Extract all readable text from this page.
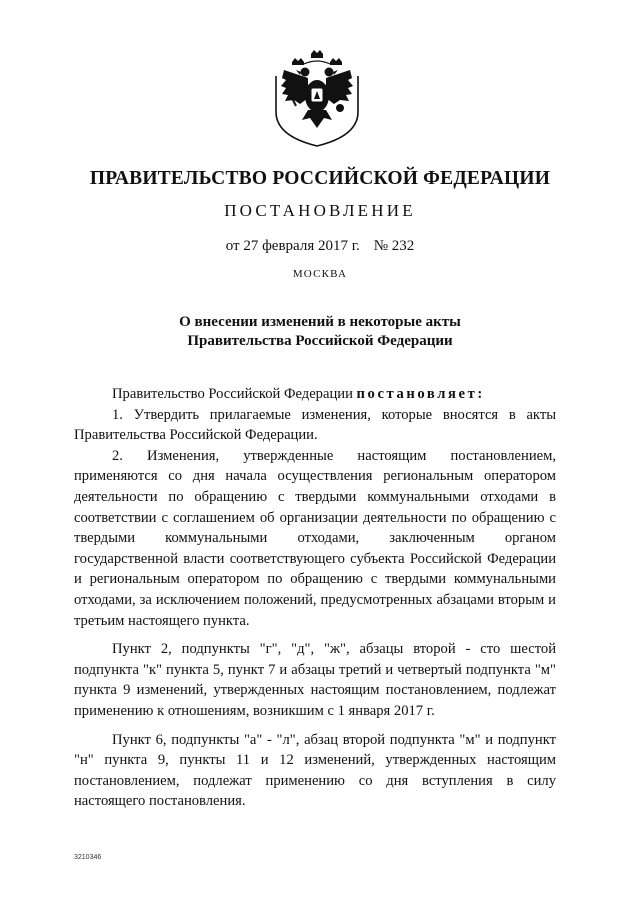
ПРАВИТЕЛЬСТВО РОССИЙСКОЙ ФЕДЕРАЦИИ
ПОСТАНОВЛЕНИЕ
от 27 февраля 2017 г. № 232
МОСКВА
О внесении изменений в некоторые акты
Правительства Российской Федерации

Правительство Российской Федерации постановляет:

1. Утвердить прилагаемые изменения, которые вносятся в акты Правительства Российской Федерации.

2. Изменения, утвержденные настоящим постановлением, применяются со дня начала осуществления региональным оператором деятельности по обращению с твердыми коммунальными отходами в соответствии с соглашением об организации деятельности по обращению с твердыми коммунальными отходами, заключенным органом государственной власти соответствующего субъекта Российской Федерации и региональным оператором по обращению с твердыми коммунальными отходами, за исключением положений, предусмотренных абзацами вторым и третьим настоящего пункта.

Пункт 2, подпункты "г", "д", "ж", абзацы второй - сто шестой подпункта "к" пункта 5, пункт 7 и абзацы третий и четвертый подпункта "м" пункта 9 изменений, утвержденных настоящим постановлением, подлежат применению к отношениям, возникшим с 1 января 2017 г.

Пункт 6, подпункты "а" - "л", абзац второй подпункта "м" и подпункт "н" пункта 9, пункты 11 и 12 изменений, утвержденных настоящим постановлением, подлежат применению со дня вступления в силу настоящего постановления.

3210346
